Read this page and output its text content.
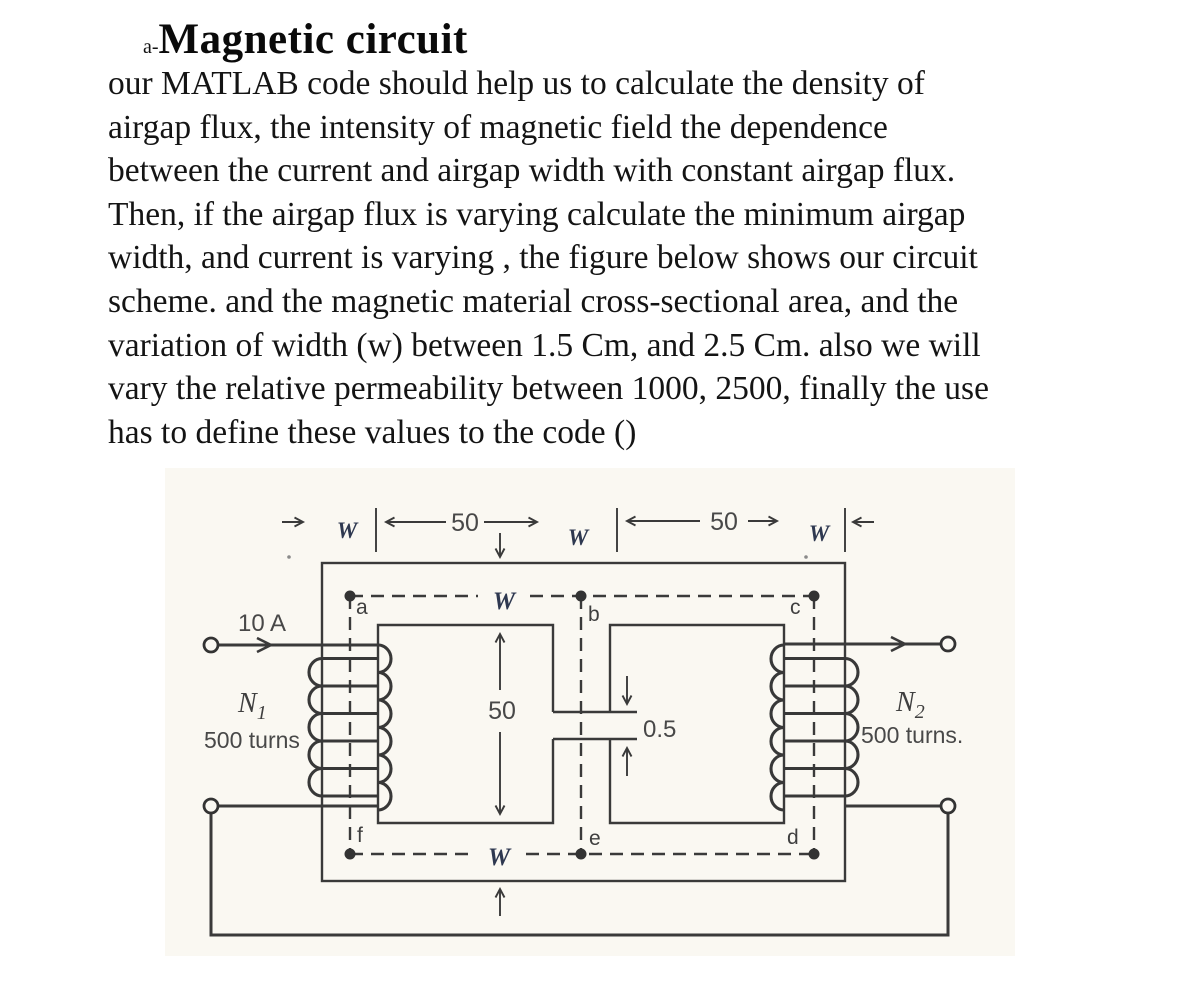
a-Magnetic circuit
our MATLAB code should help us to calculate the density of
airgap flux, the intensity of magnetic field the dependence
between the current and airgap width with constant airgap flux.
Then, if the airgap flux is varying calculate the minimum airgap
width, and current is varying , the figure below shows our circuit
scheme. and the magnetic material cross-sectional area, and the
variation of width (w) between 1.5 Cm, and 2.5 Cm. also we will
vary the relative permeability between 1000, 2500, finally the use
has to define these values to the code ()
W	50
W
50	W
W
W
10 A
$N_1$
500 turns
$N_2$
500 turns.
50
0.5
a	b	c
f	e	d
